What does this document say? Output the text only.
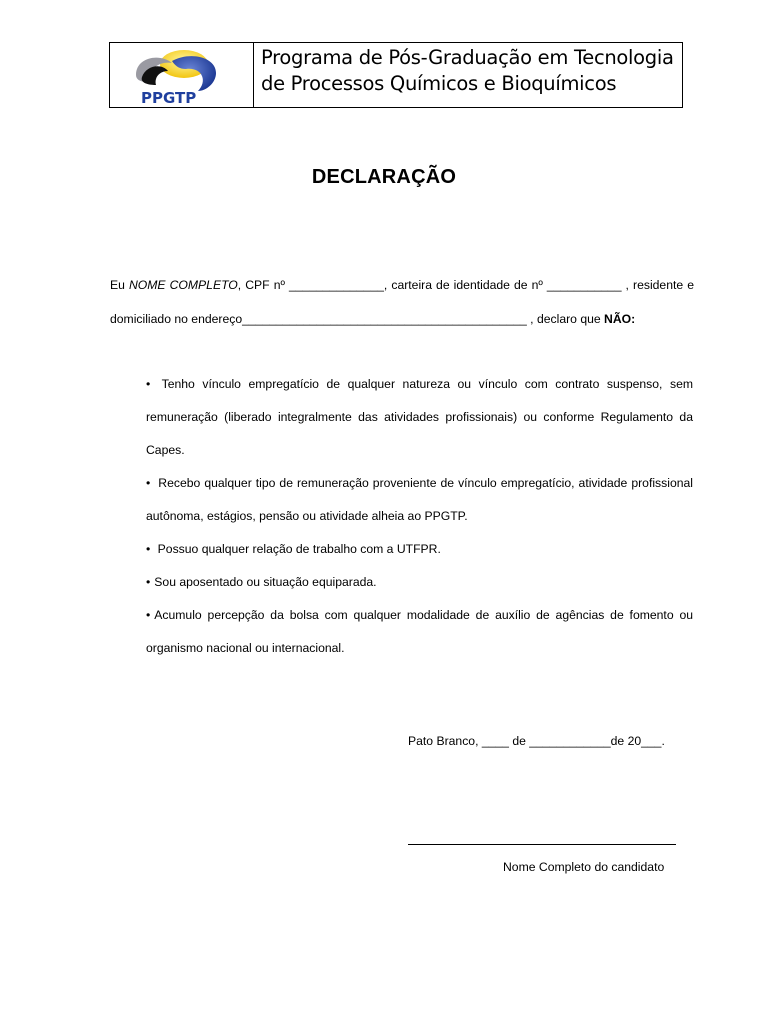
PPGTP
Programa de Pós-Graduação em Tecnologia
de Processos Químicos e Bioquímicos
DECLARAÇÃO
Eu NOME COMPLETO, CPF nº ______________, carteira de identidade de nº ___________ , residente e domiciliado no endereço__________________________________________ , declaro que NÃO:

• Tenho vínculo empregatício de qualquer natureza ou vínculo com contrato suspenso, sem remuneração (liberado integralmente das atividades profissionais) ou conforme Regulamento da Capes.

• Recebo qualquer tipo de remuneração proveniente de vínculo empregatício, atividade profissional autônoma, estágios, pensão ou atividade alheia ao PPGTP.

• Possuo qualquer relação de trabalho com a UTFPR.

• Sou aposentado ou situação equiparada.

• Acumulo percepção da bolsa com qualquer modalidade de auxílio de agências de fomento ou organismo nacional ou internacional.

Pato Branco, ____ de ____________de 20___.
Nome Completo do candidato
